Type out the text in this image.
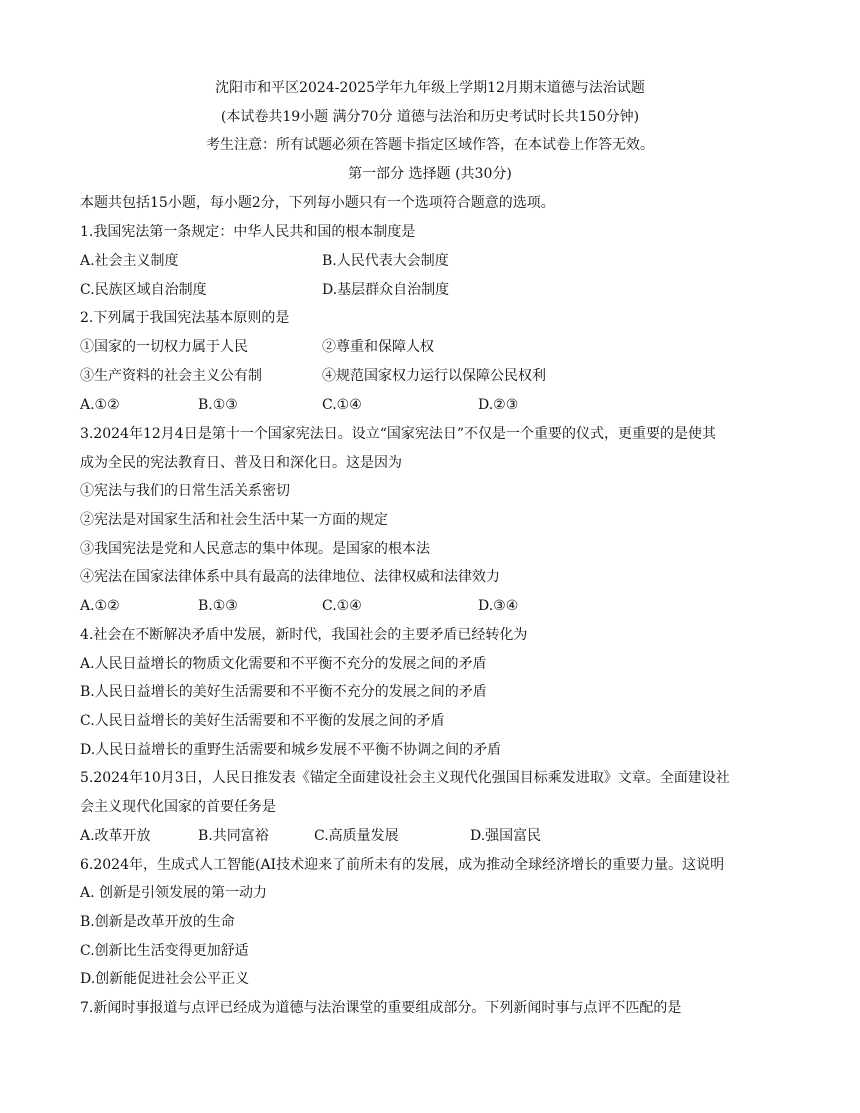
沈阳市和平区2024-2025学年九年级上学期12月期末道德与法治试题
(本试卷共19小题 满分70分 道德与法治和历史考试时长共150分钟)
考生注意：所有试题必须在答题卡指定区域作答，在本试卷上作答无效。
第一部分 选择题 (共30分)
本题共包括15小题，每小题2分，下列每小题只有一个选项符合题意的选项。
1.我国宪法第一条规定：中华人民共和国的根本制度是
A.社会主义制度	B.人民代表大会制度
C.民族区域自治制度	D.基层群众自治制度
2.下列属于我国宪法基本原则的是
①国家的一切权力属于人民	②尊重和保障人权
③生产资料的社会主义公有制	④规范国家权力运行以保障公民权利
A.①②	B.①③	C.①④	D.②③
3.2024年12月4日是第十一个国家宪法日。设立“国家宪法日”不仅是一个重要的仪式，更重要的是使其
成为全民的宪法教育日、普及日和深化日。这是因为
①宪法与我们的日常生活关系密切
②宪法是对国家生活和社会生活中某一方面的规定
③我国宪法是党和人民意志的集中体现。是国家的根本法
④宪法在国家法律体系中具有最高的法律地位、法律权威和法律效力
A.①②	B.①③	C.①④	D.③④
4.社会在不断解决矛盾中发展，新时代，我国社会的主要矛盾已经转化为
A.人民日益增长的物质文化需要和不平衡不充分的发展之间的矛盾
B.人民日益增长的美好生活需要和不平衡不充分的发展之间的矛盾
C.人民日益增长的美好生活需要和不平衡的发展之间的矛盾
D.人民日益增长的重野生活需要和城乡发展不平衡不协调之间的矛盾
5.2024年10月3日，人民日推发表《锚定全面建设社会主义现代化强国目标乘发进取》文章。全面建设社
会主义现代化国家的首要任务是
A.改革开放	B.共同富裕	C.高质量发展	D.强国富民
6.2024年，生成式人工智能(AI技术迎来了前所未有的发展，成为推动全球经济增长的重要力量。这说明
A. 创新是引领发展的第一动力
B.创新是改革开放的生命
C.创新比生活变得更加舒适
D.创新能促进社会公平正义
7.新闻时事报道与点评已经成为道德与法治课堂的重要组成部分。下列新闻时事与点评不匹配的是
